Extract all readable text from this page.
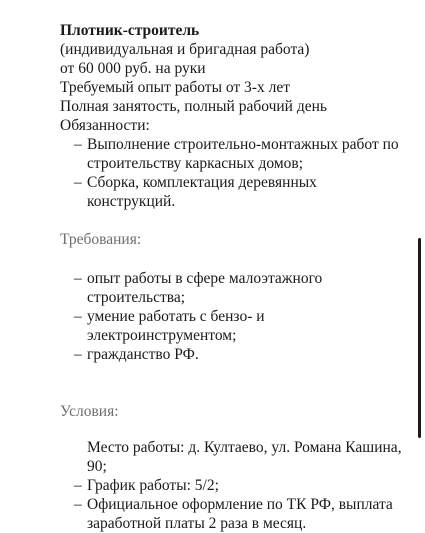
Плотник-строитель
(индивидуальная и бригадная работа)
от 60 000 руб. на руки
Требуемый опыт работы от 3-х лет
Полная занятость, полный рабочий день
Обязанности:
– Выполнение строительно-монтажных работ по
строительству каркасных домов;
– Сборка, комплектация деревянных
конструкций.
Требования:
– опыт работы в сфере малоэтажного
строительства;
– умение работать с бензо- и
электроинструментом;
– гражданство РФ.
Условия:
Место работы: д. Култаево, ул. Романа Кашина,
90;
– График работы: 5/2;
– Официальное оформление по ТК РФ, выплата
заработной платы 2 раза в месяц.
